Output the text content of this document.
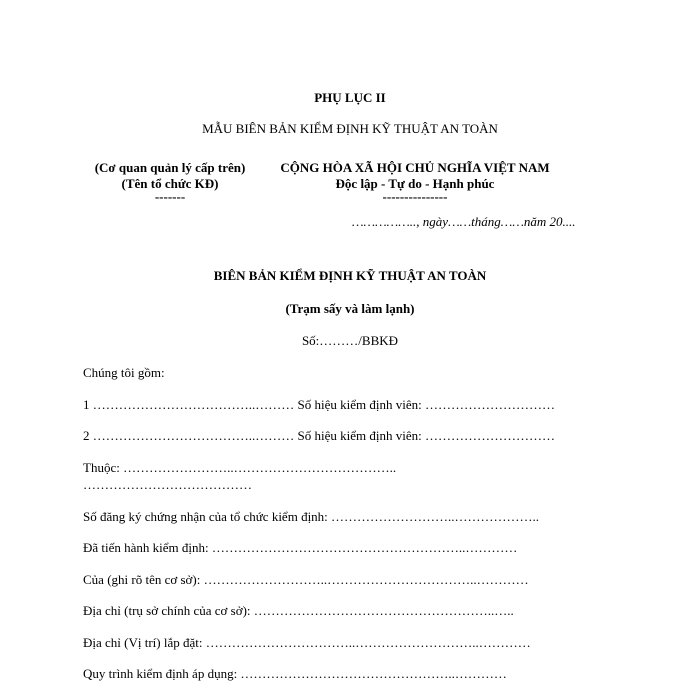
PHỤ LỤC II
MẪU BIÊN BẢN KIỂM ĐỊNH KỸ THUẬT AN TOÀN
(Cơ quan quản lý cấp trên)
(Tên tổ chức KĐ)
-------
CỘNG HÒA XÃ HỘI CHỦ NGHĨA VIỆT NAM
Độc lập - Tự do - Hạnh phúc
---------------
…………….., ngày……tháng……năm 20....
BIÊN BẢN KIỂM ĐỊNH KỸ THUẬT AN TOÀN
(Trạm sấy và làm lạnh)
Số:………/BBKĐ
Chúng tôi gồm:
1 ………………………………..……… Số hiệu kiểm định viên: …………………………
2 ………………………………..……… Số hiệu kiểm định viên: …………………………
Thuộc: ……………………..………………………………..
…………………………………
Số đăng ký chứng nhận của tổ chức kiểm định: ………………………..………………..
Đã tiến hành kiểm định: …………………………………………………..…………
Của (ghi rõ tên cơ sở): ………………………..……………………………..…………
Địa chỉ (trụ sở chính của cơ sở): ………………………………………………..…..
Địa chỉ (Vị trí) lắp đặt: ……………………………..………………………..…………
Quy trình kiểm định áp dụng: …………………………………………..…………
